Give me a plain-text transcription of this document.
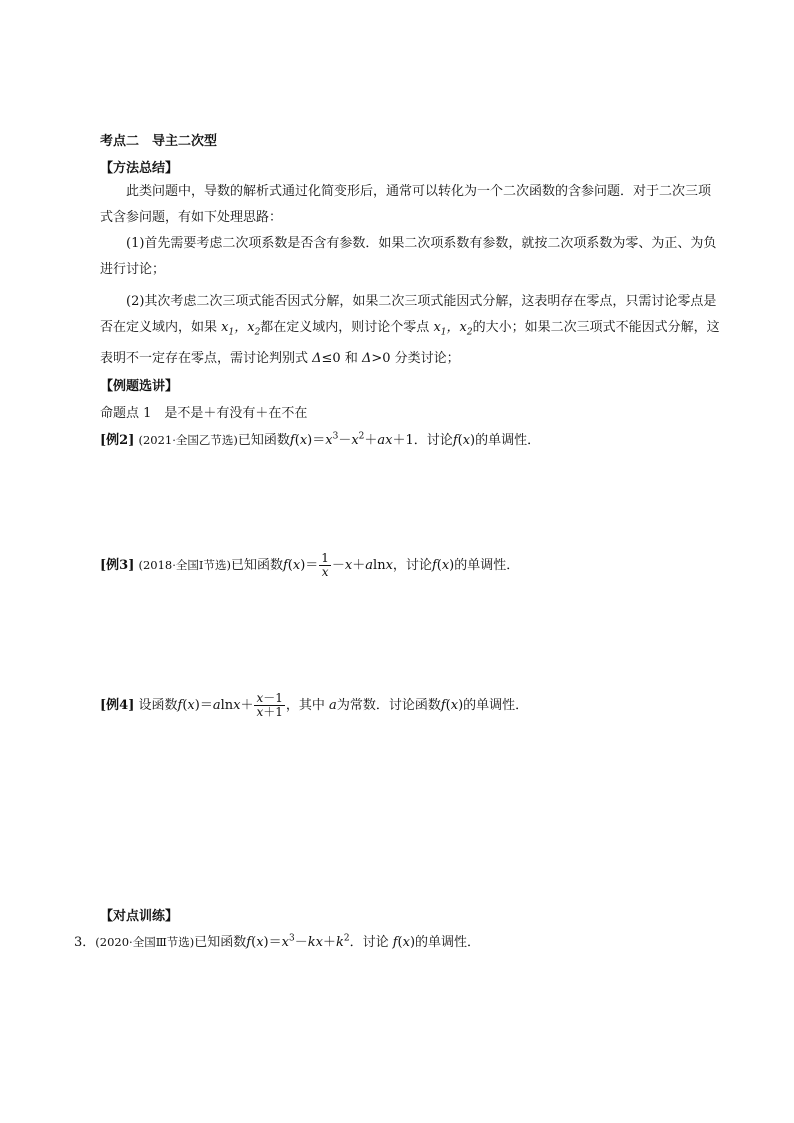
考点二　导主二次型
【方法总结】
此类问题中，导数的解析式通过化简变形后，通常可以转化为一个二次函数的含参问题．对于二次三项式含参问题，有如下处理思路：
(1)首先需要考虑二次项系数是否含有参数．如果二次项系数有参数，就按二次项系数为零、为正、为负进行讨论；
(2)其次考虑二次三项式能否因式分解，如果二次三项式能因式分解，这表明存在零点，只需讨论零点是否在定义域内，如果 $x_1$，$x_2$都在定义域内，则讨论个零点 $x_1$，$x_2$的大小；如果二次三项式不能因式分解，这表明不一定存在零点，需讨论判别式 Δ≤0 和 Δ>0 分类讨论；
【例题选讲】
命题点 1　是不是＋有没有＋在不在
[例2] (2021·全国乙节选)已知函数$f(x)=x^3-x^2+ax+1$．讨论f(x)的单调性．
[例3] (2018·全国Ⅰ节选)已知函数$f(x)= \frac{1}{x} -x+alnx$，讨论f(x)的单调性．
[例4] 设函数$f(x)=alnx+ \frac{x-1}{x+1}$ ，其中 a为常数．讨论函数f(x)的单调性．
【对点训练】
3．(2020·全国Ⅲ节选)已知函数$f(x)=x^3-kx+k^2$．讨论 f(x)的单调性．
